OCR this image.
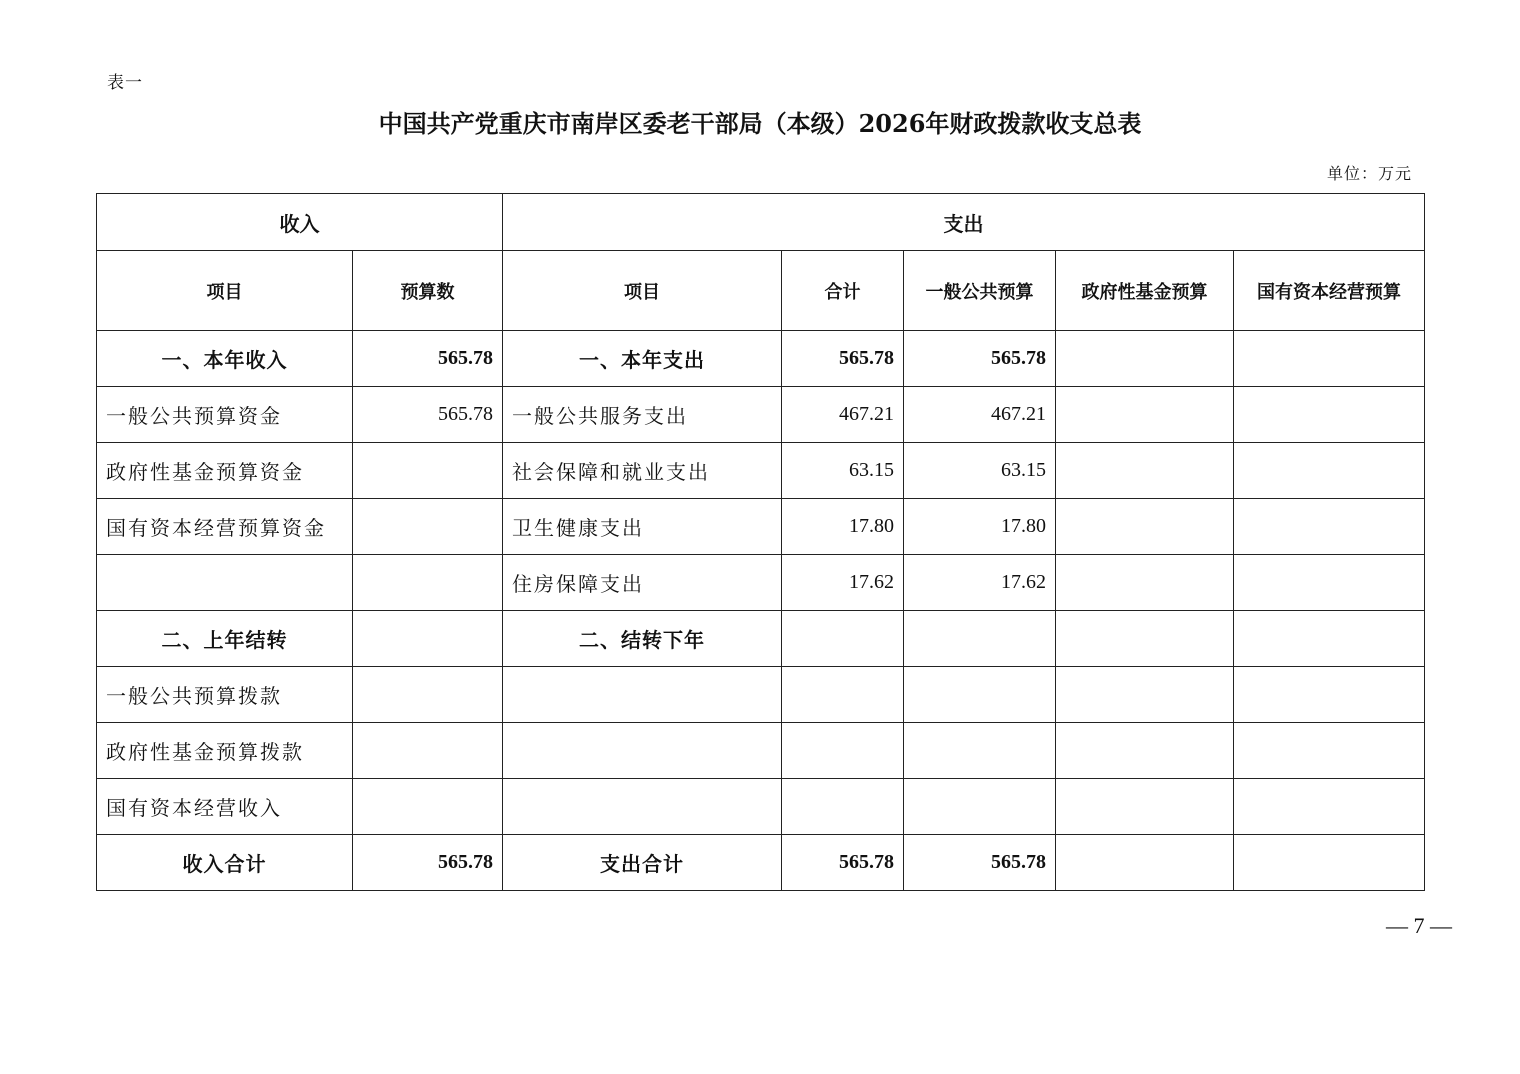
表一
中国共产党重庆市南岸区委老干部局（本级）2026年财政拨款收支总表
单位：万元
收入		支出				
项目	预算数	项目	合计	一般公共预算	政府性基金预算	国有资本经营预算
一、本年收入	565.78	一、本年支出	565.78	565.78		
一般公共预算资金	565.78	一般公共服务支出	467.21	467.21		
政府性基金预算资金		社会保障和就业支出	63.15	63.15		
国有资本经营预算资金		卫生健康支出	17.80	17.80		
		住房保障支出	17.62	17.62		
二、上年结转		二、结转下年				
一般公共预算拨款						
政府性基金预算拨款						
国有资本经营收入						
收入合计	565.78	支出合计	565.78	565.78		
— 7 —
